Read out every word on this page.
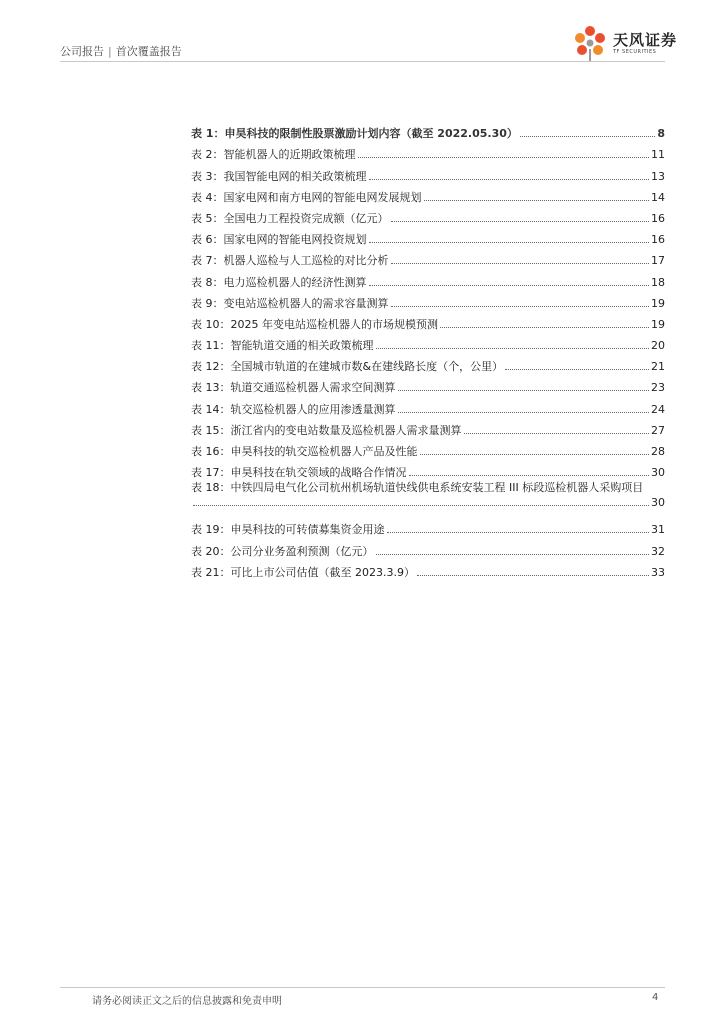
公司报告 | 首次覆盖报告
天风证券
TF SECURITIES
表 1：申昊科技的限制性股票激励计划内容（截至 2022.05.30）	8
表 2：智能机器人的近期政策梳理	11
表 3：我国智能电网的相关政策梳理	13
表 4：国家电网和南方电网的智能电网发展规划	14
表 5：全国电力工程投资完成额（亿元）	16
表 6：国家电网的智能电网投资规划	16
表 7：机器人巡检与人工巡检的对比分析	17
表 8：电力巡检机器人的经济性测算	18
表 9：变电站巡检机器人的需求容量测算	19
表 10：2025 年变电站巡检机器人的市场规模预测	19
表 11：智能轨道交通的相关政策梳理	20
表 12：全国城市轨道的在建城市数&在建线路长度（个，公里）	21
表 13：轨道交通巡检机器人需求空间测算	23
表 14：轨交巡检机器人的应用渗透量测算	24
表 15：浙江省内的变电站数量及巡检机器人需求量测算	27
表 16：申昊科技的轨交巡检机器人产品及性能	28
表 17：申昊科技在轨交领域的战略合作情况	30
表 18：中铁四局电气化公司杭州机场轨道快线供电系统安装工程 III 标段巡检机器人采购项目
30
表 19：申昊科技的可转债募集资金用途	31
表 20：公司分业务盈利预测（亿元）	32
表 21：可比上市公司估值（截至 2023.3.9）	33
请务必阅读正文之后的信息披露和免责申明	4
